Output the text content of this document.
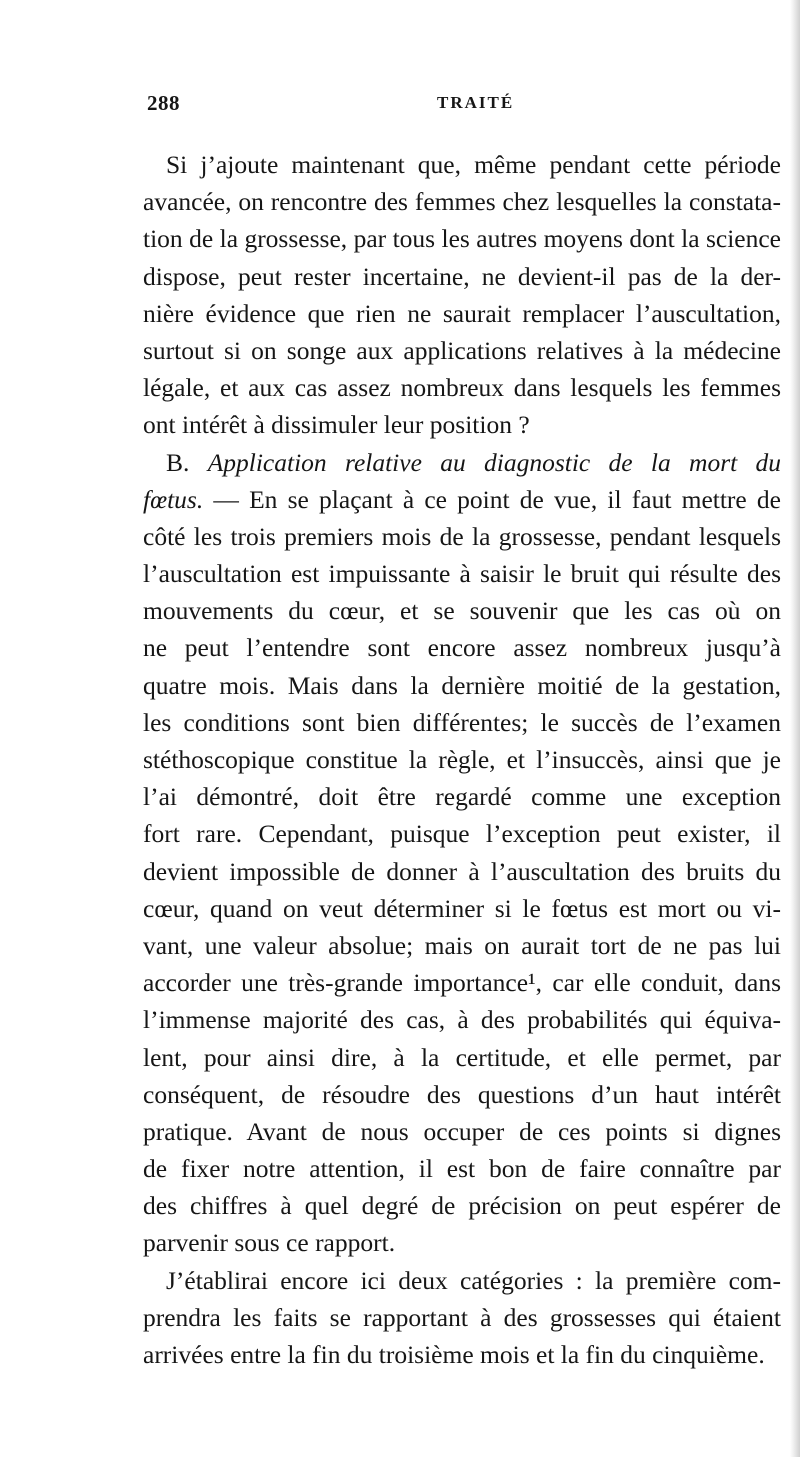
288	TRAITÉ
Si j’ajoute maintenant que, même pendant cette période
avancée, on rencontre des femmes chez lesquelles la constata-
tion de la grossesse, par tous les autres moyens dont la science
dispose, peut rester incertaine, ne devient-il pas de la der-
nière évidence que rien ne saurait remplacer l’auscultation,
surtout si on songe aux applications relatives à la médecine
légale, et aux cas assez nombreux dans lesquels les femmes
ont intérêt à dissimuler leur position ?
B. Application relative au diagnostic de la mort du
fœtus. — En se plaçant à ce point de vue, il faut mettre de
côté les trois premiers mois de la grossesse, pendant lesquels
l’auscultation est impuissante à saisir le bruit qui résulte des
mouvements du cœur, et se souvenir que les cas où on
ne peut l’entendre sont encore assez nombreux jusqu’à
quatre mois. Mais dans la dernière moitié de la gestation,
les conditions sont bien différentes; le succès de l’examen
stéthoscopique constitue la règle, et l’insuccès, ainsi que je
l’ai démontré, doit être regardé comme une exception
fort rare. Cependant, puisque l’exception peut exister, il
devient impossible de donner à l’auscultation des bruits du
cœur, quand on veut déterminer si le fœtus est mort ou vi-
vant, une valeur absolue; mais on aurait tort de ne pas lui
accorder une très-grande importance¹, car elle conduit, dans
l’immense majorité des cas, à des probabilités qui équiva-
lent, pour ainsi dire, à la certitude, et elle permet, par
conséquent, de résoudre des questions d’un haut intérêt
pratique. Avant de nous occuper de ces points si dignes
de fixer notre attention, il est bon de faire connaître par
des chiffres à quel degré de précision on peut espérer de
parvenir sous ce rapport.
J’établirai encore ici deux catégories : la première com-
prendra les faits se rapportant à des grossesses qui étaient
arrivées entre la fin du troisième mois et la fin du cinquième.
